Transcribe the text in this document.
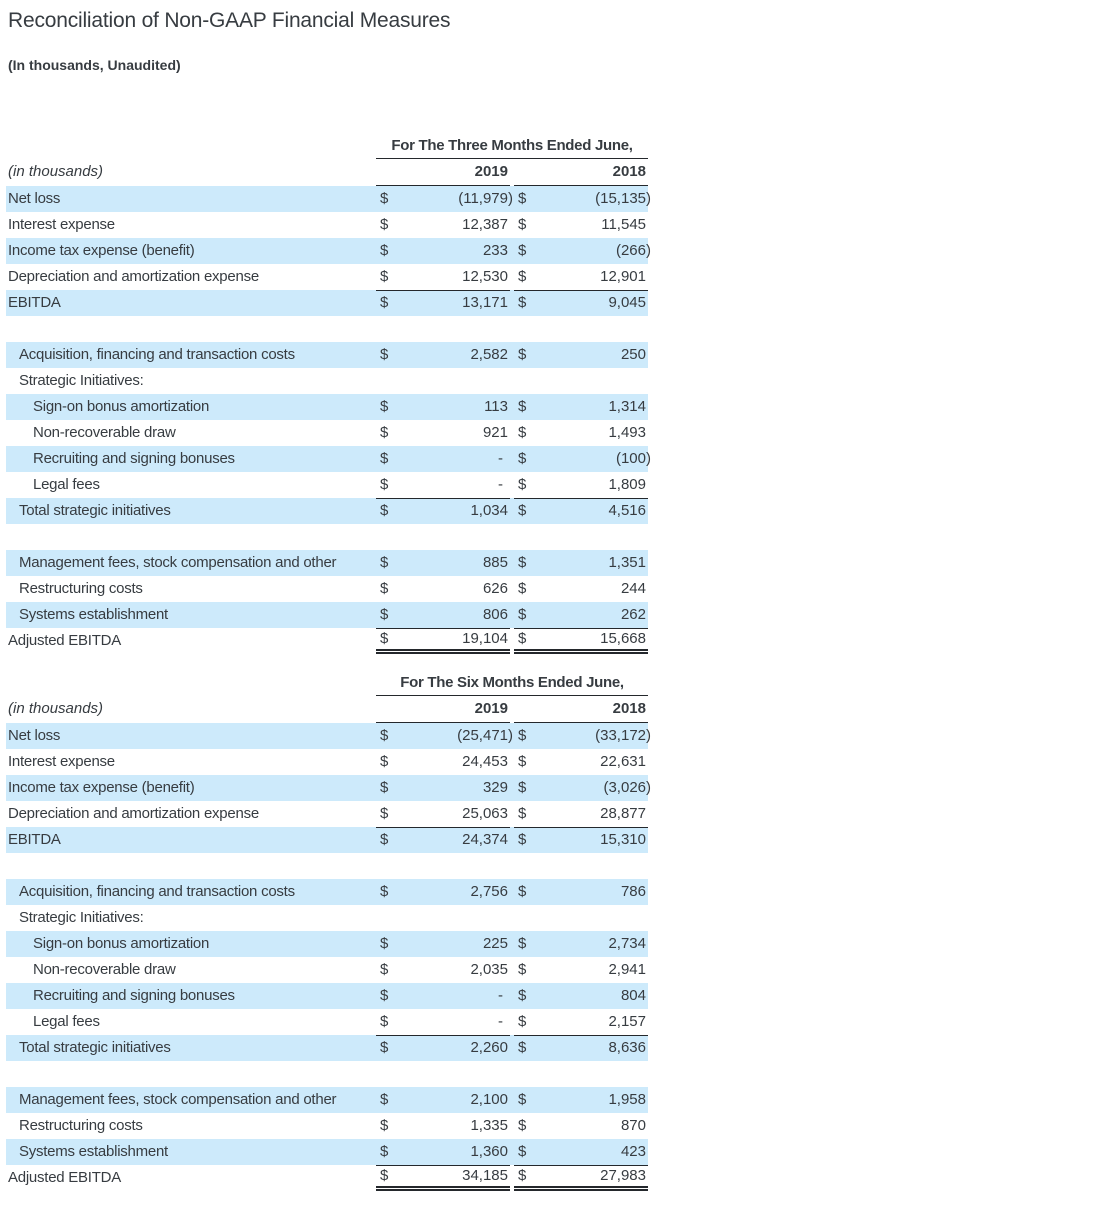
Reconciliation of Non-GAAP Financial Measures
(In thousands, Unaudited)
For The Three Months Ended June,
(in thousands)	2019	2018
Net loss	$	(11,979) $	(15,135)
Interest expense	$	12,387 $	11,545
Income tax expense (benefit)	$	233 $	(266)
Depreciation and amortization expense	$	12,530 $	12,901
EBITDA	$	13,171 $	9,045
Acquisition, financing and transaction costs	$	2,582 $	250
Strategic Initiatives:
Sign-on bonus amortization	$	113 $	1,314
Non-recoverable draw	$	921 $	1,493
Recruiting and signing bonuses	$	- $	(100)
Legal fees	$	- $	1,809
Total strategic initiatives	$	1,034 $	4,516
Management fees, stock compensation and other	$	885 $	1,351
Restructuring costs	$	626 $	244
Systems establishment	$	806 $	262
Adjusted EBITDA	$	19,104 $	15,668
For The Six Months Ended June,
(in thousands)	2019	2018
Net loss	$	(25,471) $	(33,172)
Interest expense	$	24,453 $	22,631
Income tax expense (benefit)	$	329 $	(3,026)
Depreciation and amortization expense	$	25,063 $	28,877
EBITDA	$	24,374 $	15,310
Acquisition, financing and transaction costs	$	2,756 $	786
Strategic Initiatives:
Sign-on bonus amortization	$	225 $	2,734
Non-recoverable draw	$	2,035 $	2,941
Recruiting and signing bonuses	$	- $	804
Legal fees	$	- $	2,157
Total strategic initiatives	$	2,260 $	8,636
Management fees, stock compensation and other	$	2,100 $	1,958
Restructuring costs	$	1,335 $	870
Systems establishment	$	1,360 $	423
Adjusted EBITDA	$	34,185 $	27,983
